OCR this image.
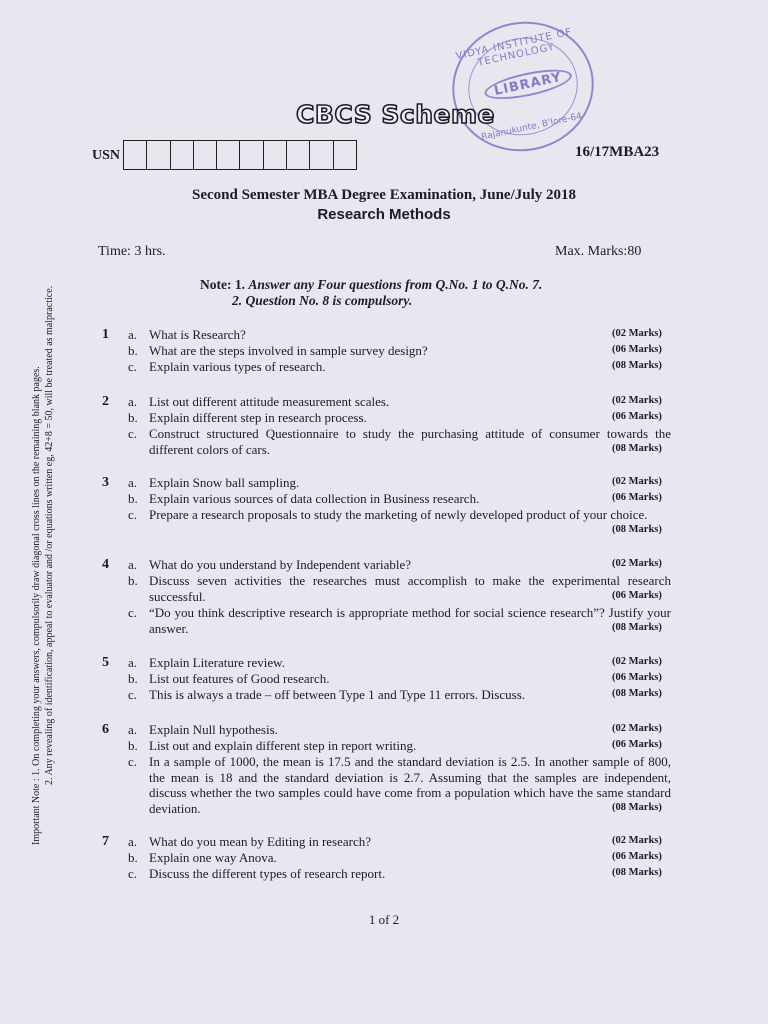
VIDYA INSTITUTE OF TECHNOLOGY
LIBRARY
Rajanukunte, B'lore-64
CBCS Scheme
USN	16/17MBA23
Second Semester MBA Degree Examination, June/July 2018
Research Methods
Time: 3 hrs.	Max. Marks:80
Note: 1. Answer any Four questions from Q.No. 1 to Q.No. 7.
2. Question No. 8 is compulsory.
Important Note : 1. On completing your answers, compulsorily draw diagonal cross lines on the remaining blank pages. 2. Any revealing of identification, appeal to evaluator and /or equations written eg, 42+8 = 50, will be treated as malpractice.	1 a. What is Research?	(02 Marks)
b. What are the steps involved in sample survey design?	(06 Marks)
c. Explain various types of research.	(08 Marks)
2 a. List out different attitude measurement scales.	(02 Marks)
b. Explain different step in research process.	(06 Marks)
c. Construct structured Questionnaire to study the purchasing attitude of consumer towards the different colors of cars.	(08 Marks)
3 a. Explain Snow ball sampling.	(02 Marks)
b. Explain various sources of data collection in Business research.	(06 Marks)
c. Prepare a research proposals to study the marketing of newly developed product of your choice.
(08 Marks)
4 a. What do you understand by Independent variable?	(02 Marks)
b. Discuss seven activities the researches must accomplish to make the experimental research successful.	(06 Marks)
c. “Do you think descriptive research is appropriate method for social science research”? Justify your answer.	(08 Marks)
5 a. Explain Literature review.	(02 Marks)
b. List out features of Good research.	(06 Marks)
c. This is always a trade – off between Type 1 and Type 11 errors. Discuss.	(08 Marks)
6 a. Explain Null hypothesis.	(02 Marks)
b. List out and explain different step in report writing.	(06 Marks)
c. In a sample of 1000, the mean is 17.5 and the standard deviation is 2.5. In another sample of 800, the mean is 18 and the standard deviation is 2.7. Assuming that the samples are independent, discuss whether the two samples could have come from a population which have the same standard deviation.	(08 Marks)
7 a. What do you mean by Editing in research?	(02 Marks)
b. Explain one way Anova.	(06 Marks)
c. Discuss the different types of research report.	(08 Marks)
1 of 2
